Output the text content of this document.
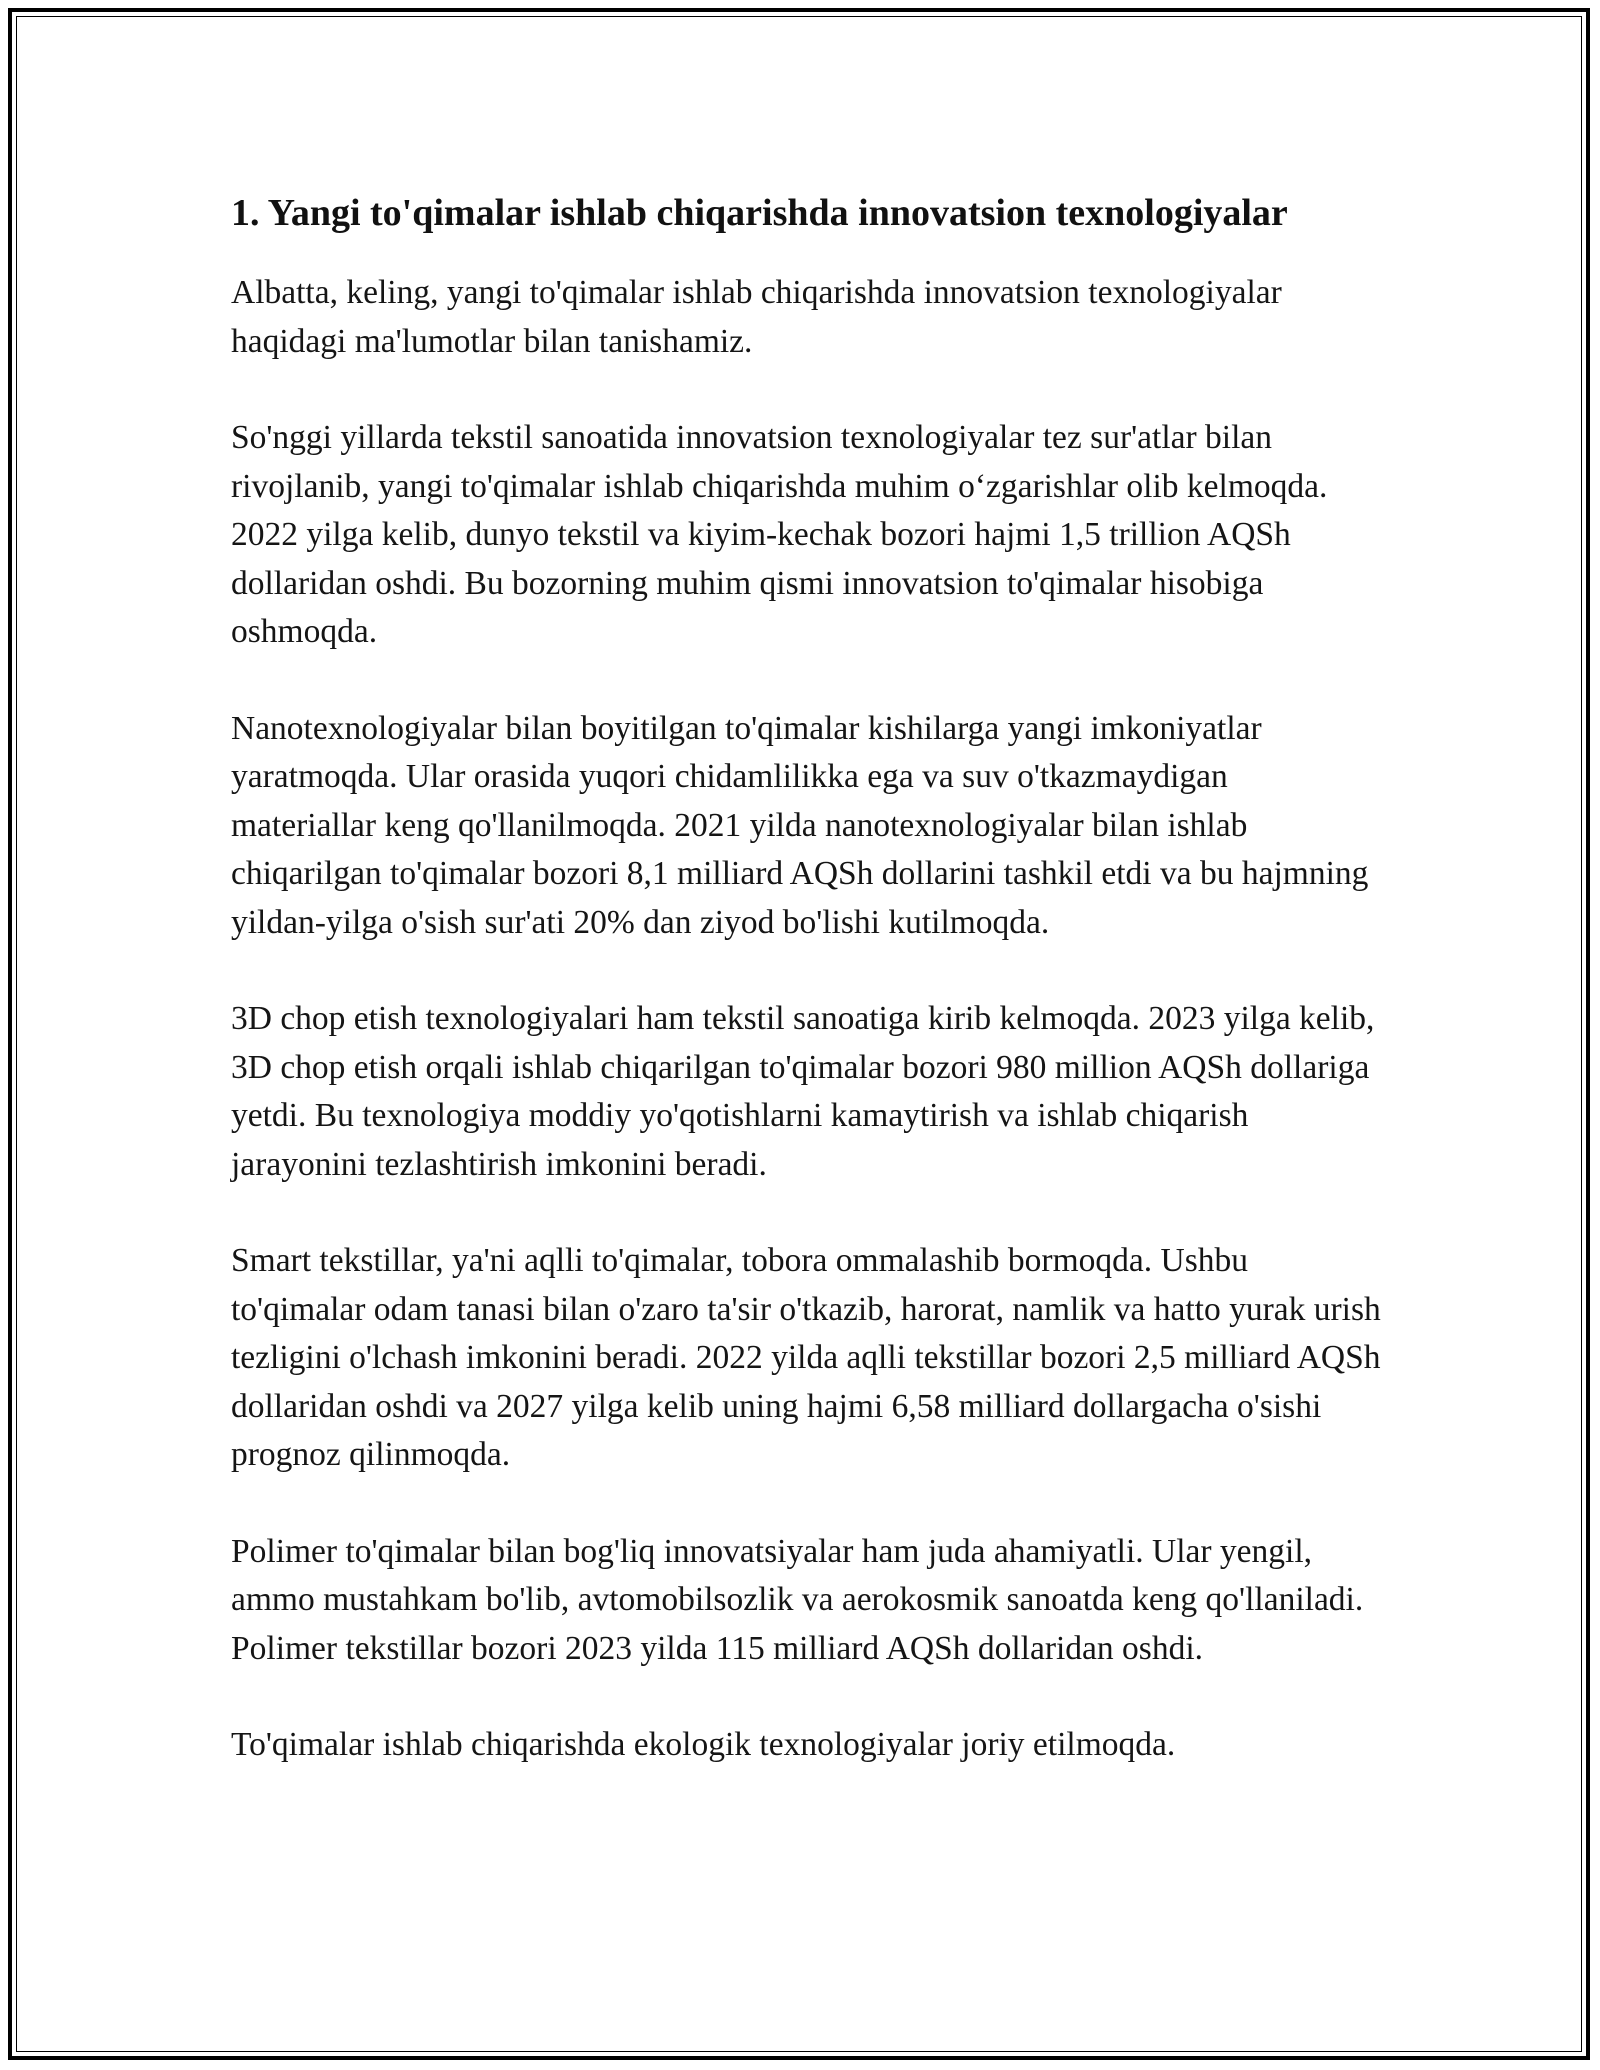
1. Yangi to'qimalar ishlab chiqarishda innovatsion texnologiyalar

Albatta, keling, yangi to'qimalar ishlab chiqarishda innovatsion texnologiyalar haqidagi ma'lumotlar bilan tanishamiz.

So'nggi yillarda tekstil sanoatida innovatsion texnologiyalar tez sur'atlar bilan rivojlanib, yangi to'qimalar ishlab chiqarishda muhim oʻzgarishlar olib kelmoqda. 2022 yilga kelib, dunyo tekstil va kiyim-kechak bozori hajmi 1,5 trillion AQSh dollaridan oshdi. Bu bozorning muhim qismi innovatsion to'qimalar hisobiga oshmoqda.

Nanotexnologiyalar bilan boyitilgan to'qimalar kishilarga yangi imkoniyatlar yaratmoqda. Ular orasida yuqori chidamlilikka ega va suv o'tkazmaydigan materiallar keng qo'llanilmoqda. 2021 yilda nanotexnologiyalar bilan ishlab chiqarilgan to'qimalar bozori 8,1 milliard AQSh dollarini tashkil etdi va bu hajmning yildan-yilga o'sish sur'ati 20% dan ziyod bo'lishi kutilmoqda.

3D chop etish texnologiyalari ham tekstil sanoatiga kirib kelmoqda. 2023 yilga kelib, 3D chop etish orqali ishlab chiqarilgan to'qimalar bozori 980 million AQSh dollariga yetdi. Bu texnologiya moddiy yo'qotishlarni kamaytirish va ishlab chiqarish jarayonini tezlashtirish imkonini beradi.

Smart tekstillar, ya'ni aqlli to'qimalar, tobora ommalashib bormoqda. Ushbu to'qimalar odam tanasi bilan o'zaro ta'sir o'tkazib, harorat, namlik va hatto yurak urish tezligini o'lchash imkonini beradi. 2022 yilda aqlli tekstillar bozori 2,5 milliard AQSh dollaridan oshdi va 2027 yilga kelib uning hajmi 6,58 milliard dollargacha o'sishi prognoz qilinmoqda.

Polimer to'qimalar bilan bog'liq innovatsiyalar ham juda ahamiyatli. Ular yengil, ammo mustahkam bo'lib, avtomobilsozlik va aerokosmik sanoatda keng qo'llaniladi. Polimer tekstillar bozori 2023 yilda 115 milliard AQSh dollaridan oshdi.

To'qimalar ishlab chiqarishda ekologik texnologiyalar joriy etilmoqda.
